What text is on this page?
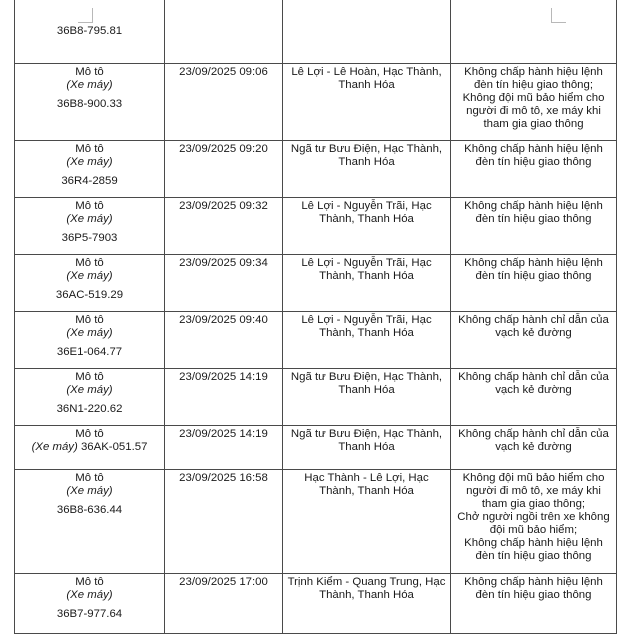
36B8-795.81			

Mô tô
(Xe máy)
36B8-900.33	23/09/2025 09:06	Lê Lợi - Lê Hoàn, Hạc Thành, Thanh Hóa	Không chấp hành hiệu lệnh đèn tín hiệu giao thông;
Không đội mũ bảo hiểm cho người đi mô tô, xe máy khi tham gia giao thông

Mô tô
(Xe máy)
36R4-2859	23/09/2025 09:20	Ngã tư Bưu Điện, Hạc Thành, Thanh Hóa	Không chấp hành hiệu lệnh đèn tín hiệu giao thông

Mô tô
(Xe máy)
36P5-7903	23/09/2025 09:32	Lê Lợi - Nguyễn Trãi, Hạc Thành, Thanh Hóa	Không chấp hành hiệu lệnh đèn tín hiệu giao thông

Mô tô
(Xe máy)
36AC-519.29	23/09/2025 09:34	Lê Lợi - Nguyễn Trãi, Hạc Thành, Thanh Hóa	Không chấp hành hiệu lệnh đèn tín hiệu giao thông

Mô tô
(Xe máy)
36E1-064.77	23/09/2025 09:40	Lê Lợi - Nguyễn Trãi, Hạc Thành, Thanh Hóa	Không chấp hành chỉ dẫn của vạch kẻ đường

Mô tô
(Xe máy)
36N1-220.62	23/09/2025 14:19	Ngã tư Bưu Điện, Hạc Thành, Thanh Hóa	Không chấp hành chỉ dẫn của vạch kẻ đường

Mô tô
(Xe máy) 36AK-051.57	23/09/2025 14:19	Ngã tư Bưu Điện, Hạc Thành, Thanh Hóa	Không chấp hành chỉ dẫn của vạch kẻ đường

Mô tô
(Xe máy)
36B8-636.44	23/09/2025 16:58	Hạc Thành - Lê Lợi, Hạc Thành, Thanh Hóa	Không đội mũ bảo hiểm cho người đi mô tô, xe máy khi tham gia giao thông;
Chở người ngồi trên xe không đội mũ bảo hiểm;
Không chấp hành hiệu lệnh đèn tín hiệu giao thông

Mô tô
(Xe máy)
36B7-977.64	23/09/2025 17:00	Trịnh Kiểm - Quang Trung, Hạc Thành, Thanh Hóa	Không chấp hành hiệu lệnh đèn tín hiệu giao thông
